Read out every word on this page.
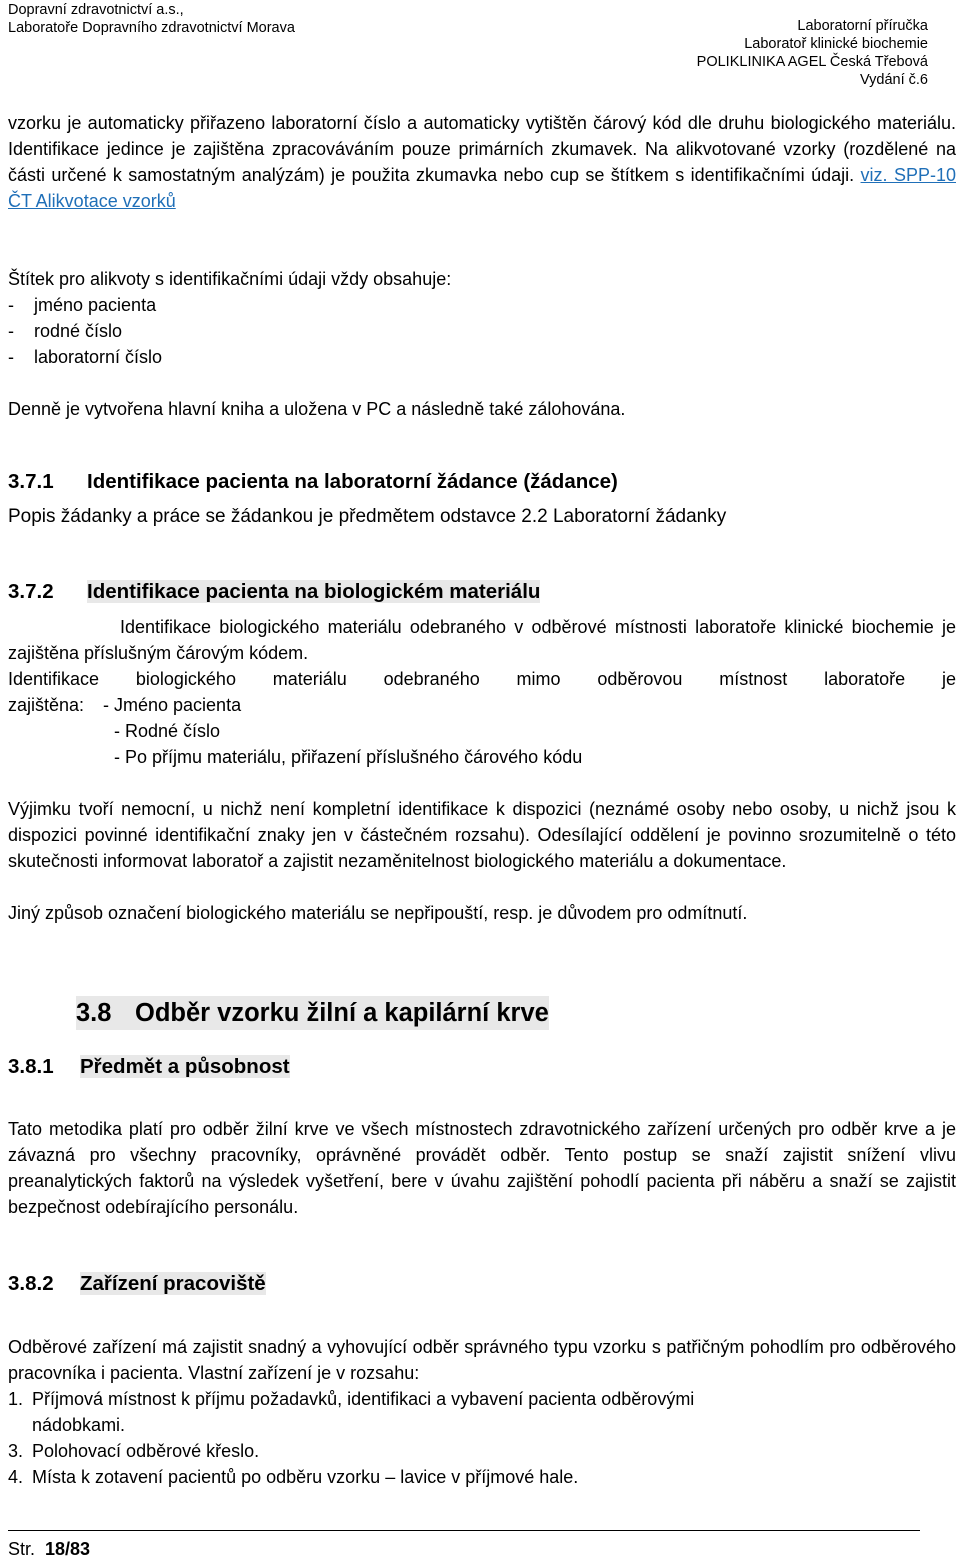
Dopravní zdravotnictví a.s.,
Laboratoře Dopravního zdravotnictví Morava	Laboratorní příručka
Laboratoř klinické biochemie
POLIKLINIKA AGEL Česká Třebová
Vydání č.6
vzorku je automaticky přiřazeno laboratorní číslo a automaticky vytištěn čárový kód dle druhu biologického materiálu. Identifikace jedince je zajištěna zpracováváním pouze primárních zkumavek. Na alikvotované vzorky (rozdělené na části určené k samostatným analýzám) je použita zkumavka nebo cup se štítkem s identifikačními údaji. viz. SPP-10 ČT Alikvotace vzorků
Štítek pro alikvoty s identifikačními údaji vždy obsahuje:
- jméno pacienta
- rodné číslo
- laboratorní číslo
Denně je vytvořena hlavní kniha a uložena v PC a následně také zálohována.
3.7.1 Identifikace pacienta na laboratorní žádance (žádance)
Popis žádanky a práce se žádankou je předmětem odstavce 2.2 Laboratorní žádanky
3.7.2 Identifikace pacienta na biologickém materiálu
Identifikace biologického materiálu odebraného v odběrové místnosti laboratoře klinické biochemie je zajištěna příslušným čárovým kódem.
Identifikace biologického materiálu odebraného mimo odběrovou místnost laboratoře je
zajištěna: - Jméno pacienta
- Rodné číslo
- Po příjmu materiálu, přiřazení příslušného čárového kódu
Výjimku tvoří nemocní, u nichž není kompletní identifikace k dispozici (neznámé osoby nebo osoby, u nichž jsou k dispozici povinné identifikační znaky jen v částečném rozsahu). Odesílající oddělení je povinno srozumitelně o této skutečnosti informovat laboratoř a zajistit nezaměnitelnost biologického materiálu a dokumentace.
Jiný způsob označení biologického materiálu se nepřipouští, resp. je důvodem pro odmítnutí.
3.8 Odběr vzorku žilní a kapilární krve
3.8.1 Předmět a působnost
Tato metodika platí pro odběr žilní krve ve všech místnostech zdravotnického zařízení určených pro odběr krve a je závazná pro všechny pracovníky, oprávněné provádět odběr. Tento postup se snaží zajistit snížení vlivu preanalytických faktorů na výsledek vyšetření, bere v úvahu zajištění pohodlí pacienta při náběru a snaží se zajistit bezpečnost odebírajícího personálu.
3.8.2 Zařízení pracoviště
Odběrové zařízení má zajistit snadný a vyhovující odběr správného typu vzorku s patřičným pohodlím pro odběrového pracovníka i pacienta. Vlastní zařízení je v rozsahu:
1. Příjmová místnost k příjmu požadavků, identifikaci a vybavení pacienta odběrovými
nádobkami.
3. Polohovací odběrové křeslo.
4. Místa k zotavení pacientů po odběru vzorku – lavice v příjmové hale.
Str. 18/83
